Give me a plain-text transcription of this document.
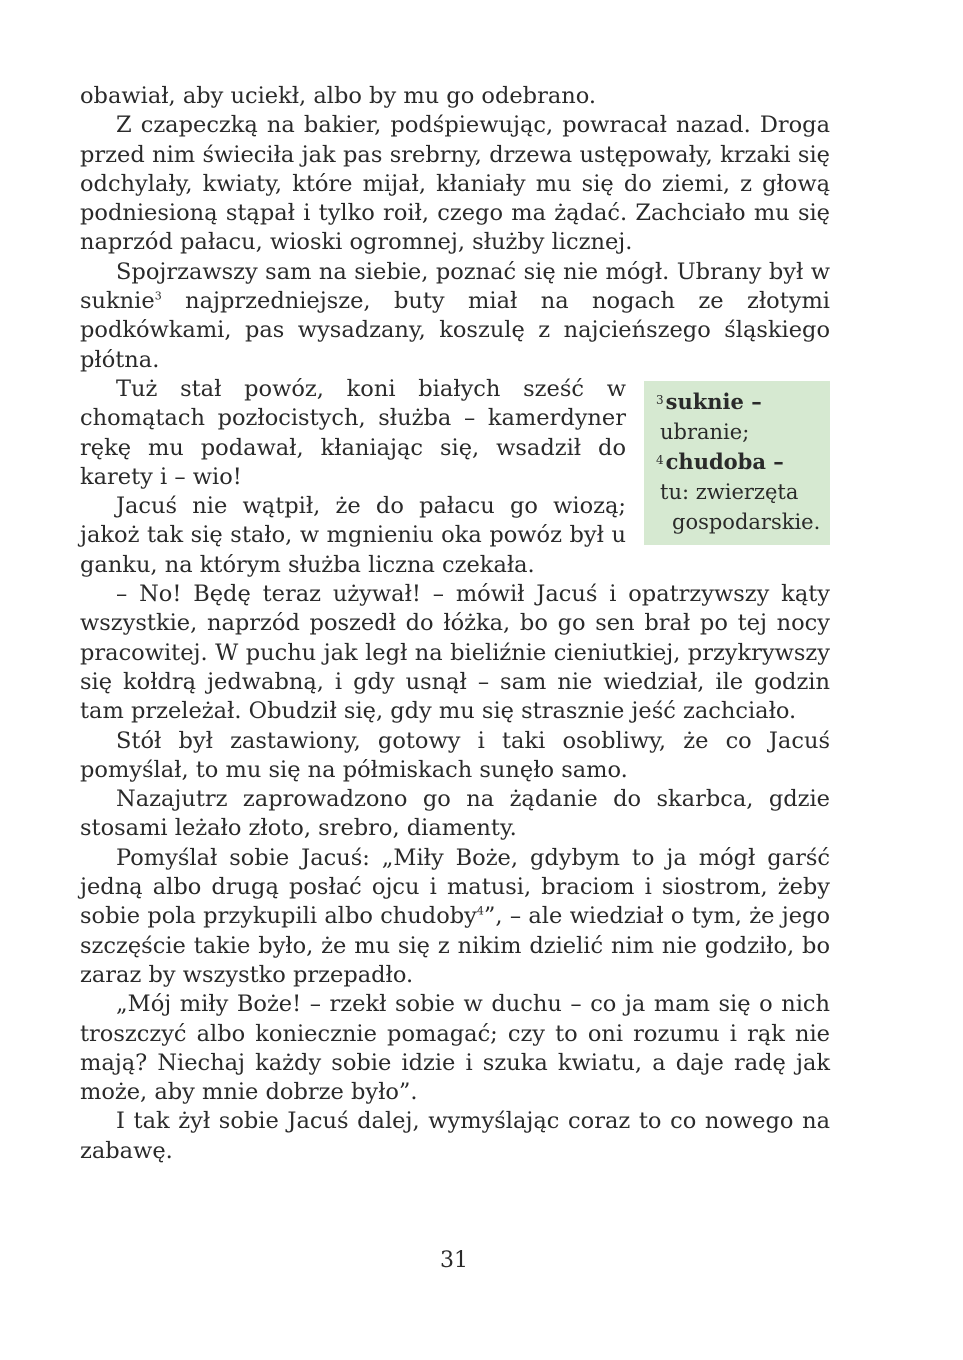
obawiał, aby uciekł, albo by mu go odebrano.

Z czapeczką na bakier, podśpiewując, powracał nazad. Droga przed nim świeciła jak pas srebrny, drzewa ustępowały, krzaki się odchylały, kwiaty, które mijał, kłaniały mu się do ziemi, z głową podniesioną stąpał i tylko roił, czego ma żądać. Zachciało mu się naprzód pałacu, wioski ogromnej, służby licznej.

Spojrzawszy sam na siebie, poznać się nie mógł. Ubrany był w suknie$^3$ najprzedniejsze, buty miał na nogach ze złotymi podkówkami, pas wysadzany, koszulę z najcieńszego śląskiego płótna.

$^3$suknie –
ubranie;
$^4$chudoba –
tu: zwierzęta gospodarskie.

Tuż stał powóz, koni białych sześć w chomątach pozłocistych, służba – kamerdyner rękę mu podawał, kłaniając się, wsadził do karety i – wio!

Jacuś nie wątpił, że do pałacu go wiozą; jakoż tak się stało, w mgnieniu oka powóz był u ganku, na którym służba liczna czekała.

– No! Będę teraz używał! – mówił Jacuś i opatrzywszy kąty wszystkie, naprzód poszedł do łóżka, bo go sen brał po tej nocy pracowitej. W puchu jak legł na bieliźnie cieniutkiej, przykrywszy się kołdrą jedwabną, i gdy usnął – sam nie wiedział, ile godzin tam przeleżał. Obudził się, gdy mu się strasznie jeść zachciało.

Stół był zastawiony, gotowy i taki osobliwy, że co Jacuś pomyślał, to mu się na półmiskach sunęło samo.

Nazajutrz zaprowadzono go na żądanie do skarbca, gdzie stosami leżało złoto, srebro, diamenty.

Pomyślał sobie Jacuś: „Miły Boże, gdybym to ja mógł garść jedną albo drugą posłać ojcu i matusi, braciom i siostrom, żeby sobie pola przykupili albo chudoby$^4$”, – ale wiedział o tym, że jego szczęście takie było, że mu się z nikim dzielić nim nie godziło, bo zaraz by wszystko przepadło.

„Mój miły Boże! – rzekł sobie w duchu – co ja mam się o nich troszczyć albo koniecznie pomagać; czy to oni rozumu i rąk nie mają? Niechaj każdy sobie idzie i szuka kwiatu, a daje radę jak może, aby mnie dobrze było”.

I tak żył sobie Jacuś dalej, wymyślając coraz to co nowego na zabawę.

31
